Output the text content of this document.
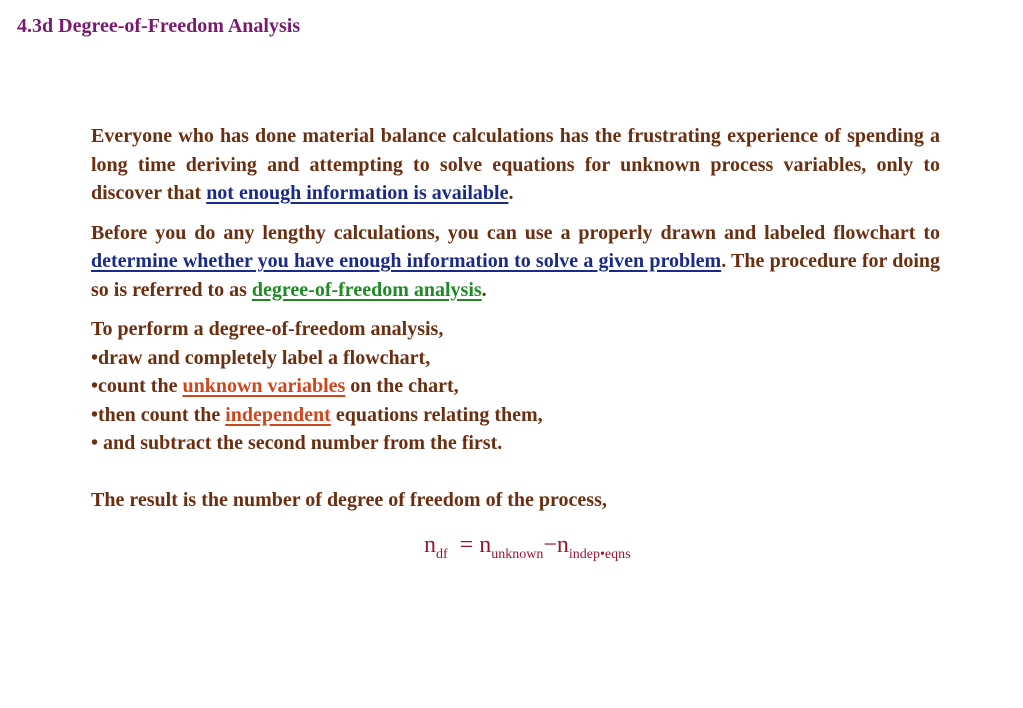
4.3d Degree-of-Freedom Analysis

Everyone who has done material balance calculations has the frustrating experience of spending a long time deriving and attempting to solve equations for unknown process variables, only to discover that not enough information is available.

Before you do any lengthy calculations, you can use a properly drawn and labeled flowchart to determine whether you have enough information to solve a given problem. The procedure for doing so is referred to as degree-of-freedom analysis.

To perform a degree-of-freedom analysis,

•draw and completely label a flowchart,

•count the unknown variables on the chart,

•then count the independent equations relating them,

• and subtract the second number from the first.

The result is the number of degree of freedom of the process,

$n_{df} = n_{unknown}-n_{indep•eqns}$
